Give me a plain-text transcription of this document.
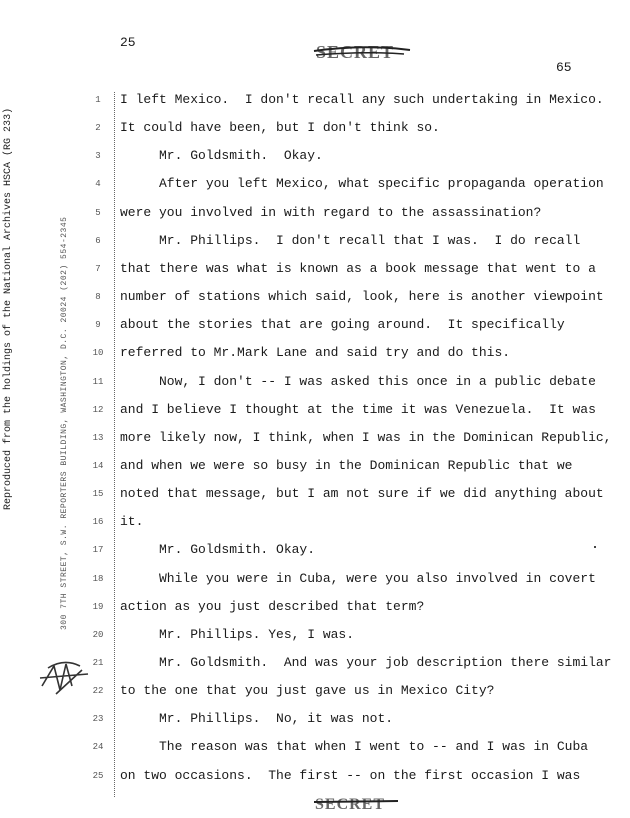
25
65
SECRET
Reproduced from the holdings of the National Archives HSCA (RG 233)	300 7TH STREET, S.W. REPORTERS BUILDING, WASHINGTON, D.C. 20024 (202) 554-2345
1	I left Mexico.  I don't recall any such undertaking in Mexico.
2	It could have been, but I don't think so.
3	Mr. Goldsmith.  Okay.
4	After you left Mexico, what specific propaganda operation
5	were you involved in with regard to the assassination?
6	Mr. Phillips.  I don't recall that I was.  I do recall
7	that there was what is known as a book message that went to a
8	number of stations which said, look, here is another viewpoint
9	about the stories that are going around.  It specifically
10	referred to Mr.Mark Lane and said try and do this.
11	Now, I don't -- I was asked this once in a public debate
12	and I believe I thought at the time it was Venezuela.  It was
13	more likely now, I think, when I was in the Dominican Republic,
14	and when we were so busy in the Dominican Republic that we
15	noted that message, but I am not sure if we did anything about
16	it.
17	Mr. Goldsmith. Okay.
18	While you were in Cuba, were you also involved in covert
19	action as you just described that term?
20	Mr. Phillips. Yes, I was.
21	Mr. Goldsmith.  And was your job description there similar
22	to the one that you just gave us in Mexico City?
23	Mr. Phillips.  No, it was not.
24	The reason was that when I went to -- and I was in Cuba
25	on two occasions.  The first -- on the first occasion I was
SECRET
